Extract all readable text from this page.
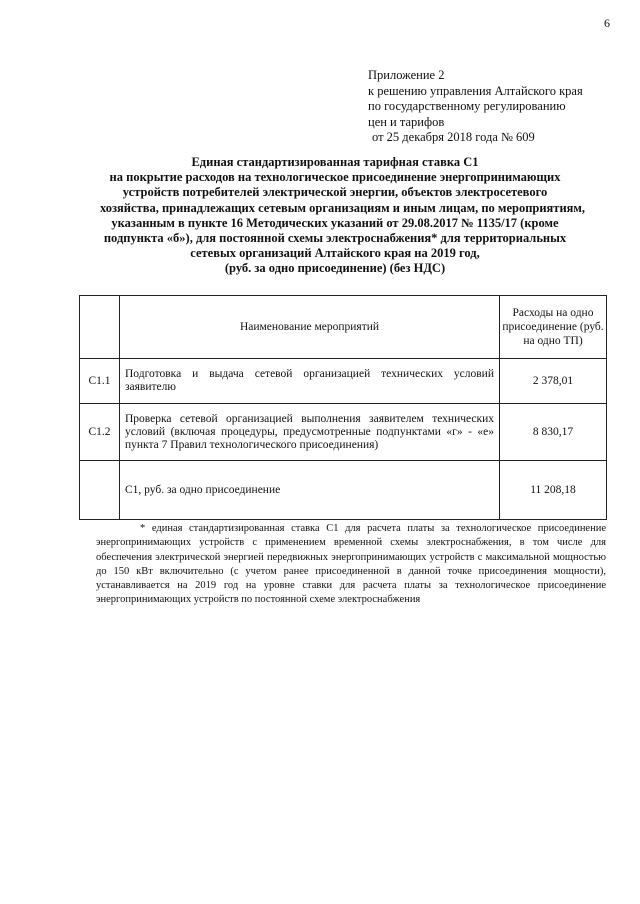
6
Приложение 2
к решению управления Алтайского края
по государственному регулированию
цен и тарифов
от 25 декабря 2018 года № 609
Единая стандартизированная тарифная ставка С1
на покрытие расходов на технологическое присоединение энергопринимающих
устройств потребителей электрической энергии, объектов электросетевого
хозяйства, принадлежащих сетевым организациям и иным лицам, по мероприятиям,
указанным в пункте 16 Методических указаний от 29.08.2017 № 1135/17 (кроме
подпункта «б»), для постоянной схемы электроснабжения* для территориальных
сетевых организаций Алтайского края на 2019 год,
(руб. за одно присоединение) (без НДС)
	Наименование мероприятий	Расходы на одно присоединение (руб. на одно ТП)
С1.1	Подготовка и выдача сетевой организацией технических условий заявителю	2 378,01
С1.2	Проверка сетевой организацией выполнения заявителем технических условий (включая процедуры, предусмотренные подпунктами «г» - «е» пункта 7 Правил технологического присоединения)	8 830,17
	С1, руб. за одно присоединение	11 208,18
* единая стандартизированная ставка С1 для расчета платы за технологическое присоединение энергопринимающих устройств с применением временной схемы электроснабжения, в том числе для обеспечения электрической энергией передвижных энергопринимающих устройств с максимальной мощностью до 150 кВт включительно (с учетом ранее присоединенной в данной точке присоединения мощности), устанавливается на 2019 год на уровне ставки для расчета платы за технологическое присоединение энергопринимающих устройств по постоянной схеме электроснабжения
